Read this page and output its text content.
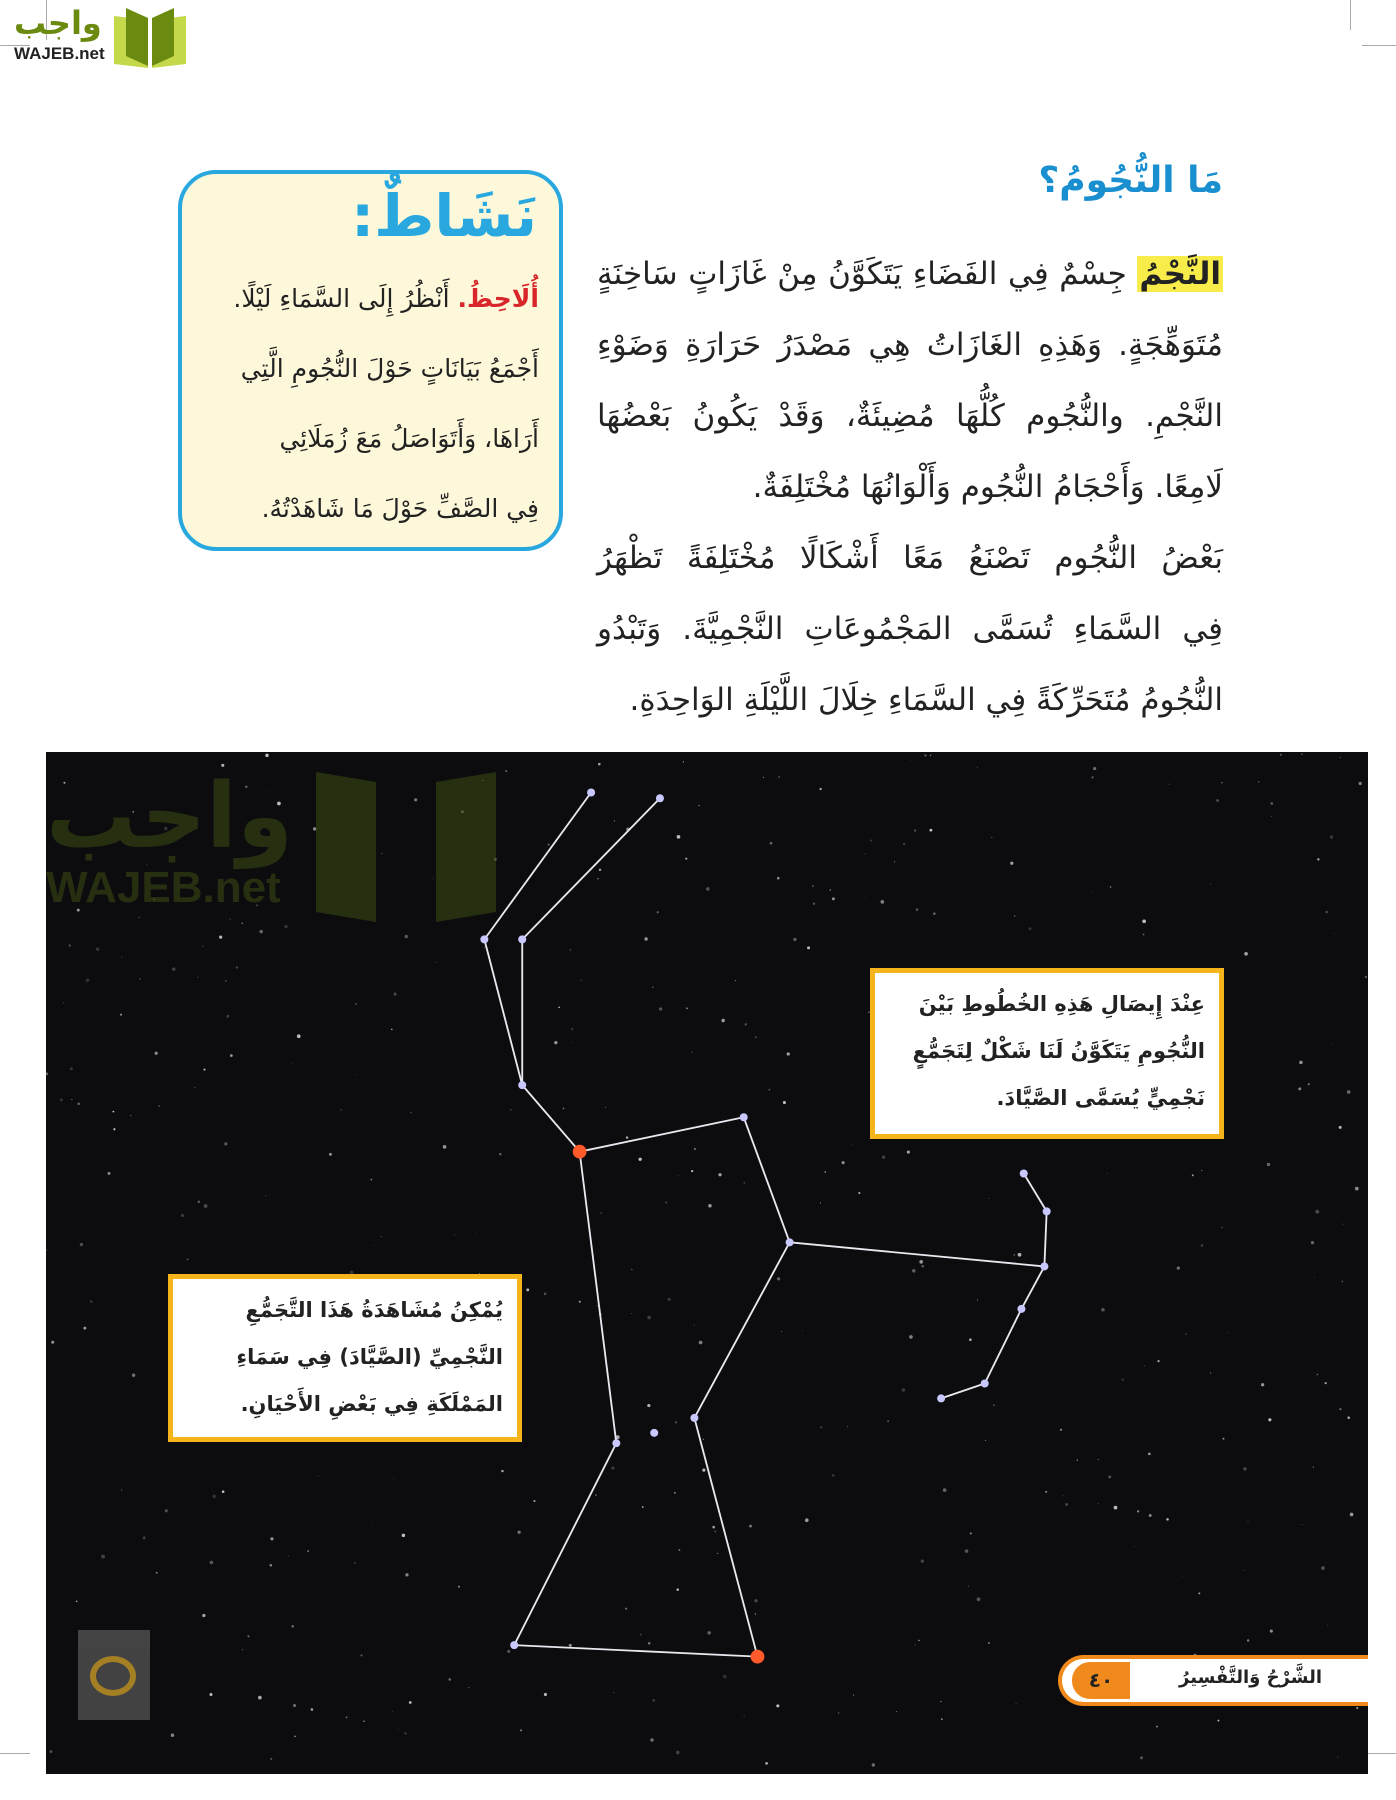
واجب
WAJEB.net
مَا النُّجُومُ؟
النَّجْمُ جِسْمٌ فِي الفَضَاءِ يَتَكَوَّنُ مِنْ غَازَاتٍ سَاخِنَةٍ
مُتَوَهِّجَةٍ. وَهَذِهِ الغَازَاتُ هِي مَصْدَرُ حَرَارَةِ وَضَوْءِ
النَّجْمِ. والنُّجُوم كُلُّهَا مُضِيئَةٌ، وَقَدْ يَكُونُ بَعْضُهَا
لَامِعًا. وَأَحْجَامُ النُّجُوم وَأَلْوَانُهَا مُخْتَلِفَةٌ.
بَعْضُ النُّجُوم تَصْنَعُ مَعًا أَشْكَالًا مُخْتَلِفَةً تَظْهَرُ
فِي السَّمَاءِ تُسَمَّى المَجْمُوعَاتِ النَّجْمِيَّةَ. وَتَبْدُو
النُّجُومُ مُتَحَرِّكَةً فِي السَّمَاءِ خِلَالَ اللَّيْلَةِ الوَاحِدَةِ.
نَشَاطٌ:
أُلَاحِظُ. أَنْظُرُ إِلَى السَّمَاءِ لَيْلًا.
أَجْمَعُ بَيَانَاتٍ حَوْلَ النُّجُومِ الَّتِي
أَرَاهَا، وَأَتَوَاصَلُ مَعَ زُمَلَائِي
فِي الصَّفِّ حَوْلَ مَا شَاهَدْتُهُ.
واجب
WAJEB.net
عِنْدَ إِيصَالِ هَذِهِ الخُطُوطِ بَيْنَ
النُّجُومِ يَتَكَوَّنُ لَنَا شَكْلٌ لِتَجَمُّعٍ
نَجْمِيٍّ يُسَمَّى الصَّيَّادَ.
يُمْكِنُ مُشَاهَدَةُ هَذَا التَّجَمُّعِ
النَّجْمِيِّ (الصَّيَّادَ) فِي سَمَاءِ
المَمْلَكَةِ فِي بَعْضِ الأَحْيَانِ.
الشَّرْحُ وَالتَّفْسِيرُ
٤٠
